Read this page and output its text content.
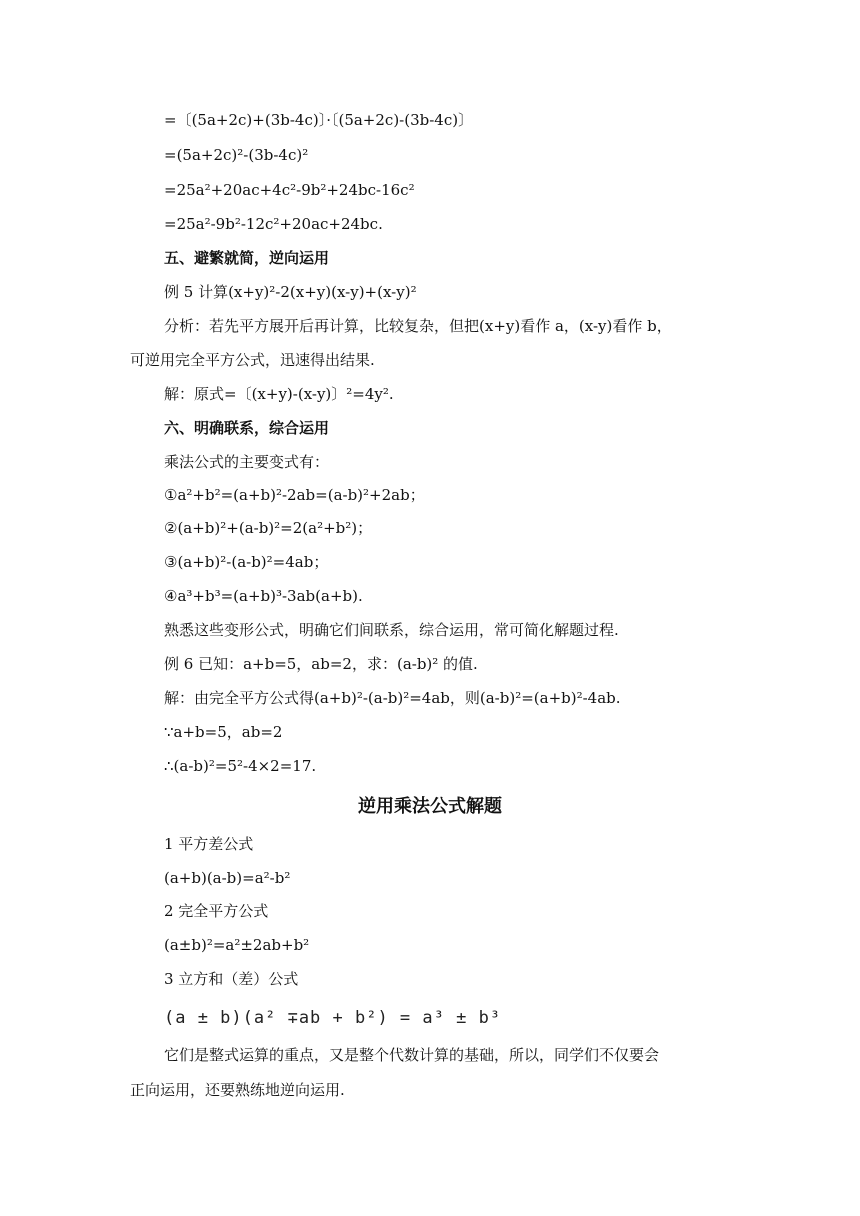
=〔(5a+2c)+(3b-4c)〕·〔(5a+2c)-(3b-4c)〕
=(5a+2c)²-(3b-4c)²
=25a²+20ac+4c²-9b²+24bc-16c²
=25a²-9b²-12c²+20ac+24bc.
五、避繁就简，逆向运用
例 5 计算(x+y)²-2(x+y)(x-y)+(x-y)²
分析：若先平方展开后再计算，比较复杂，但把(x+y)看作 a，(x-y)看作 b，
可逆用完全平方公式，迅速得出结果.
解：原式=〔(x+y)-(x-y)〕²=4y².
六、明确联系，综合运用
乘法公式的主要变式有：
①a²+b²=(a+b)²-2ab=(a-b)²+2ab；
②(a+b)²+(a-b)²=2(a²+b²)；
③(a+b)²-(a-b)²=4ab；
④a³+b³=(a+b)³-3ab(a+b).
熟悉这些变形公式，明确它们间联系，综合运用，常可简化解题过程.
例 6 已知：a+b=5，ab=2，求：(a-b)² 的值.
解：由完全平方公式得(a+b)²-(a-b)²=4ab，则(a-b)²=(a+b)²-4ab.
∵a+b=5，ab=2
∴(a-b)²=5²-4×2=17.
逆用乘法公式解题
1 平方差公式
(a+b)(a-b)=a²-b²
2 完全平方公式
(a±b)²=a²±2ab+b²
3 立方和（差）公式
(a ± b)(a² ∓ab + b²) = a³ ± b³
它们是整式运算的重点，又是整个代数计算的基础，所以，同学们不仅要会
正向运用，还要熟练地逆向运用.
